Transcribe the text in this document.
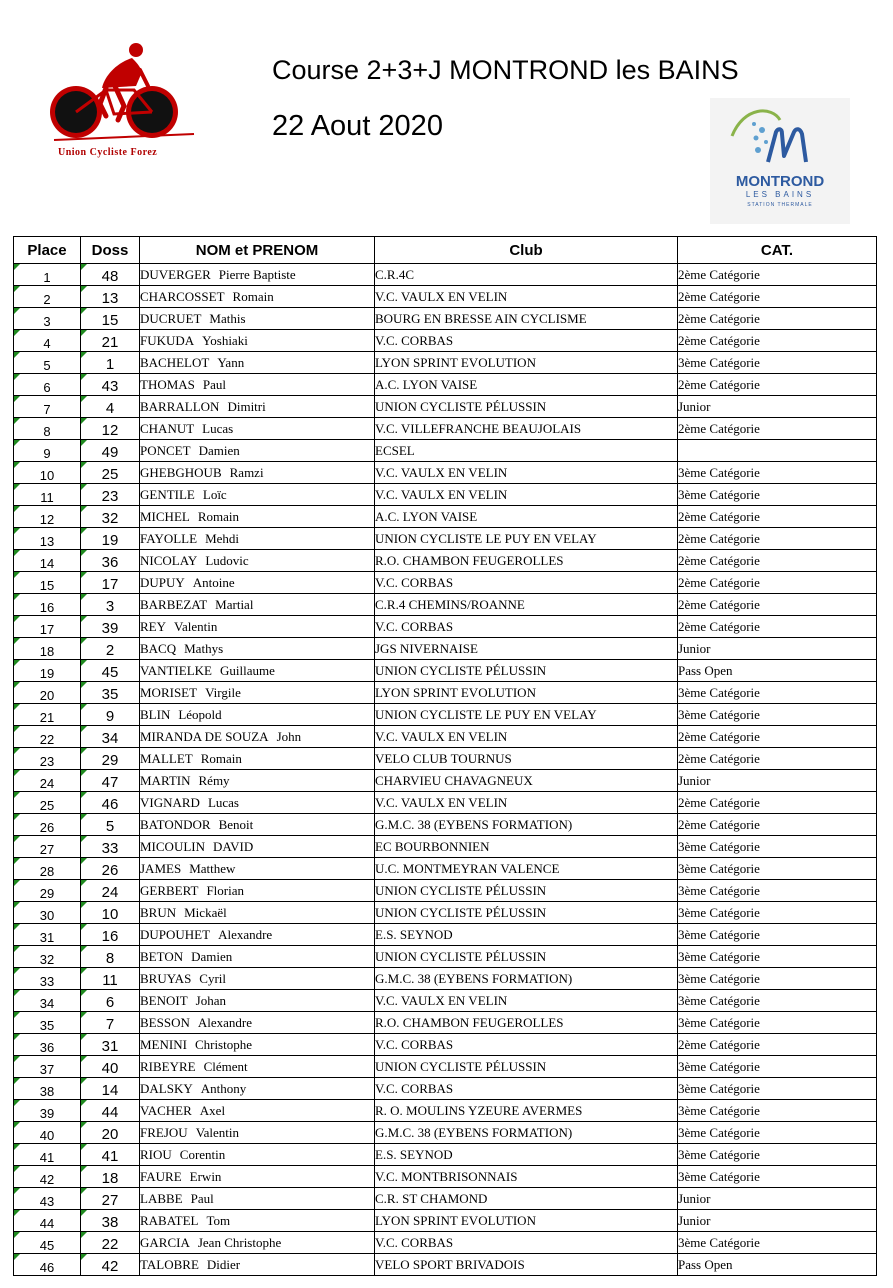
Union Cycliste Forez
Course 2+3+J MONTROND les BAINS
22 Aout 2020
MONTROND
LES BAINS
STATION THERMALE
Place	Doss	NOM et PRENOM	Club	CAT.
1	48	DUVERGER Pierre Baptiste	C.R.4C	2ème Catégorie
2	13	CHARCOSSET Romain	V.C. VAULX EN VELIN	2ème Catégorie
3	15	DUCRUET Mathis	BOURG EN BRESSE AIN CYCLISME	2ème Catégorie
4	21	FUKUDA Yoshiaki	V.C. CORBAS	2ème Catégorie
5	1	BACHELOT Yann	LYON SPRINT EVOLUTION	3ème Catégorie
6	43	THOMAS Paul	A.C. LYON VAISE	2ème Catégorie
7	4	BARRALLON Dimitri	UNION CYCLISTE PÉLUSSIN	Junior
8	12	CHANUT Lucas	V.C. VILLEFRANCHE BEAUJOLAIS	2ème Catégorie
9	49	PONCET Damien	ECSEL	
10	25	GHEBGHOUB Ramzi	V.C. VAULX EN VELIN	3ème Catégorie
11	23	GENTILE Loïc	V.C. VAULX EN VELIN	3ème Catégorie
12	32	MICHEL Romain	A.C. LYON VAISE	2ème Catégorie
13	19	FAYOLLE Mehdi	UNION CYCLISTE LE PUY EN VELAY	2ème Catégorie
14	36	NICOLAY Ludovic	R.O. CHAMBON FEUGEROLLES	2ème Catégorie
15	17	DUPUY Antoine	V.C. CORBAS	2ème Catégorie
16	3	BARBEZAT Martial	C.R.4 CHEMINS/ROANNE	2ème Catégorie
17	39	REY Valentin	V.C. CORBAS	2ème Catégorie
18	2	BACQ Mathys	JGS NIVERNAISE	Junior
19	45	VANTIELKE Guillaume	UNION CYCLISTE PÉLUSSIN	Pass Open
20	35	MORISET Virgile	LYON SPRINT EVOLUTION	3ème Catégorie
21	9	BLIN Léopold	UNION CYCLISTE LE PUY EN VELAY	3ème Catégorie
22	34	MIRANDA DE SOUZA John	V.C. VAULX EN VELIN	2ème Catégorie
23	29	MALLET Romain	VELO CLUB TOURNUS	2ème Catégorie
24	47	MARTIN Rémy	CHARVIEU CHAVAGNEUX	Junior
25	46	VIGNARD Lucas	V.C. VAULX EN VELIN	2ème Catégorie
26	5	BATONDOR Benoit	G.M.C. 38 (EYBENS FORMATION)	2ème Catégorie
27	33	MICOULIN DAVID	EC BOURBONNIEN	3ème Catégorie
28	26	JAMES Matthew	U.C. MONTMEYRAN VALENCE	3ème Catégorie
29	24	GERBERT Florian	UNION CYCLISTE PÉLUSSIN	3ème Catégorie
30	10	BRUN Mickaël	UNION CYCLISTE PÉLUSSIN	3ème Catégorie
31	16	DUPOUHET Alexandre	E.S. SEYNOD	3ème Catégorie
32	8	BETON Damien	UNION CYCLISTE PÉLUSSIN	3ème Catégorie
33	11	BRUYAS Cyril	G.M.C. 38 (EYBENS FORMATION)	3ème Catégorie
34	6	BENOIT Johan	V.C. VAULX EN VELIN	3ème Catégorie
35	7	BESSON Alexandre	R.O. CHAMBON FEUGEROLLES	3ème Catégorie
36	31	MENINI Christophe	V.C. CORBAS	2ème Catégorie
37	40	RIBEYRE Clément	UNION CYCLISTE PÉLUSSIN	3ème Catégorie
38	14	DALSKY Anthony	V.C. CORBAS	3ème Catégorie
39	44	VACHER Axel	R. O. MOULINS YZEURE AVERMES	3ème Catégorie
40	20	FREJOU Valentin	G.M.C. 38 (EYBENS FORMATION)	3ème Catégorie
41	41	RIOU Corentin	E.S. SEYNOD	3ème Catégorie
42	18	FAURE Erwin	V.C. MONTBRISONNAIS	3ème Catégorie
43	27	LABBE Paul	C.R. ST CHAMOND	Junior
44	38	RABATEL Tom	LYON SPRINT EVOLUTION	Junior
45	22	GARCIA Jean Christophe	V.C. CORBAS	3ème Catégorie
46	42	TALOBRE Didier	VELO SPORT BRIVADOIS	Pass Open
